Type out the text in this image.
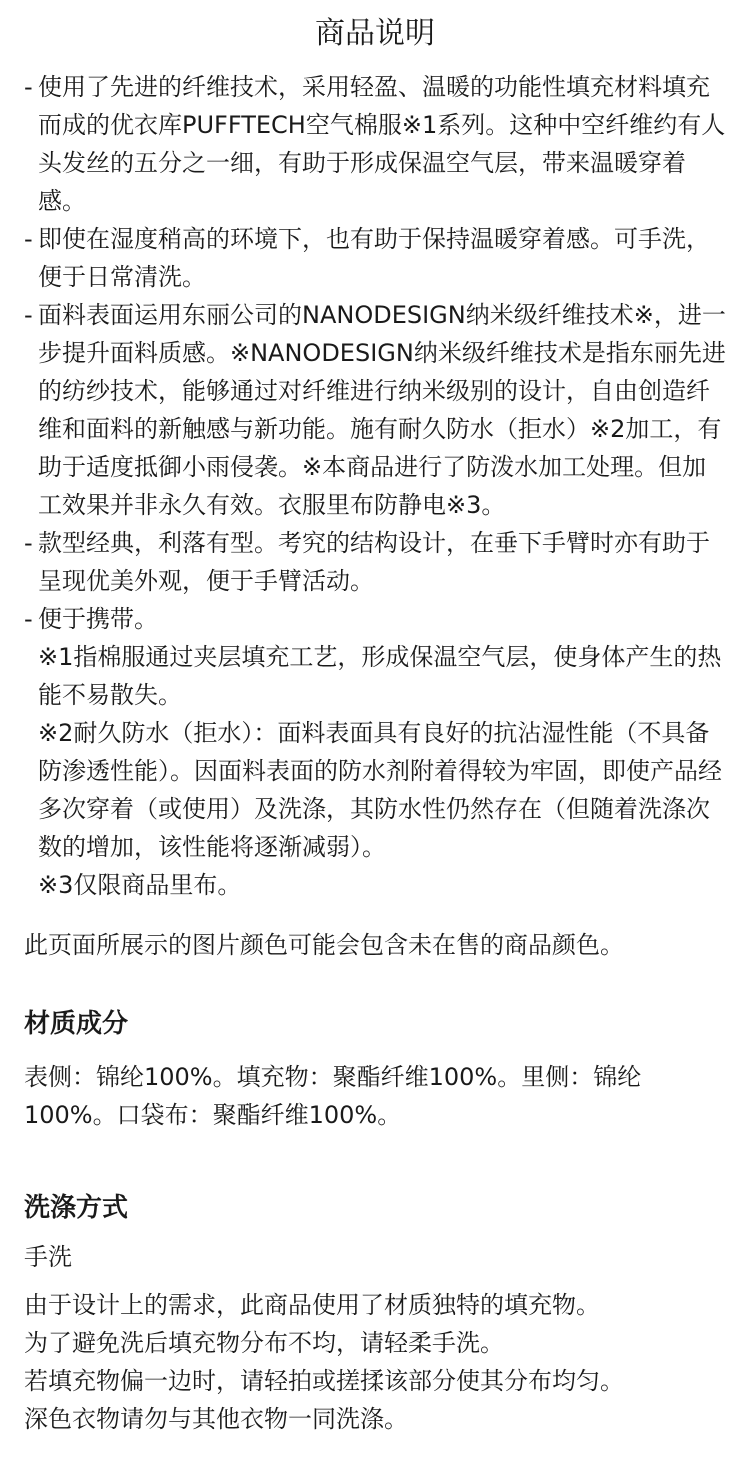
商品说明

- 使用了先进的纤维技术，采用轻盈、温暖的功能性填充材料填充而成的优衣库PUFFTECH空气棉服※1系列。这种中空纤维约有人头发丝的五分之一细，有助于形成保温空气层，带来温暖穿着感。

- 即使在湿度稍高的环境下，也有助于保持温暖穿着感。可手洗，便于日常清洗。

- 面料表面运用东丽公司的NANODESIGN纳米级纤维技术※，进一步提升面料质感。※NANODESIGN纳米级纤维技术是指东丽先进的纺纱技术，能够通过对纤维进行纳米级别的设计，自由创造纤维和面料的新触感与新功能。施有耐久防水（拒水）※2加工，有助于适度抵御小雨侵袭。※本商品进行了防泼水加工处理。但加工效果并非永久有效。衣服里布防静电※3。

- 款型经典，利落有型。考究的结构设计，在垂下手臂时亦有助于呈现优美外观，便于手臂活动。

- 便于携带。

※1指棉服通过夹层填充工艺，形成保温空气层，使身体产生的热能不易散失。

※2耐久防水（拒水）：面料表面具有良好的抗沾湿性能（不具备防渗透性能）。因面料表面的防水剂附着得较为牢固，即使产品经多次穿着（或使用）及洗涤，其防水性仍然存在（但随着洗涤次数的增加，该性能将逐渐减弱）。

※3仅限商品里布。

此页面所展示的图片颜色可能会包含未在售的商品颜色。

材质成分

表侧：锦纶100%。填充物：聚酯纤维100%。里侧：锦纶100%。口袋布：聚酯纤维100%。

洗涤方式

手洗

由于设计上的需求，此商品使用了材质独特的填充物。

为了避免洗后填充物分布不均，请轻柔手洗。

若填充物偏一边时，请轻拍或搓揉该部分使其分布均匀。

深色衣物请勿与其他衣物一同洗涤。
